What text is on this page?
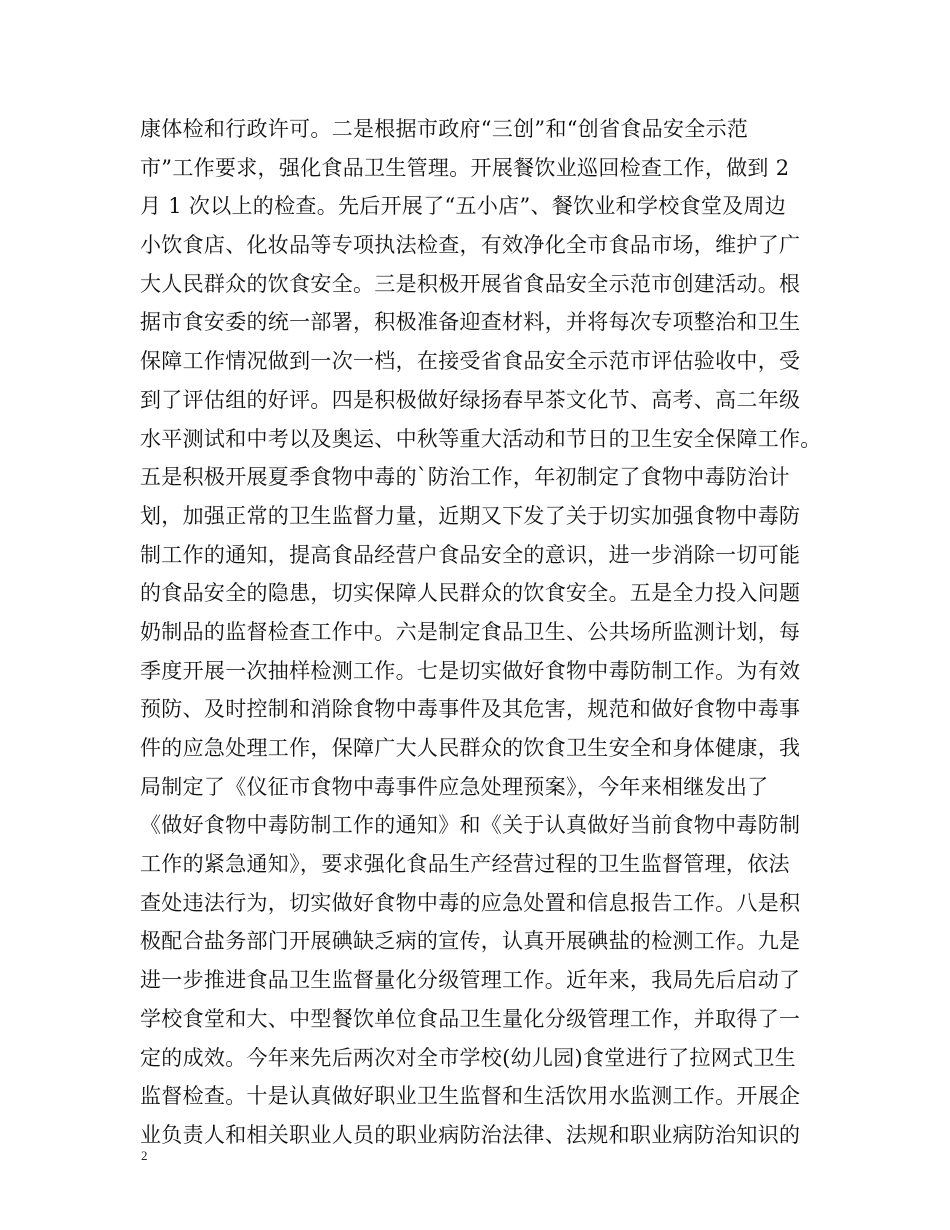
康体检和行政许可。二是根据市政府“三创”和“创省食品安全示范
市”工作要求，强化食品卫生管理。开展餐饮业巡回检查工作，做到 2
月 1 次以上的检查。先后开展了“五小店”、餐饮业和学校食堂及周边
小饮食店、化妆品等专项执法检查，有效净化全市食品市场，维护了广
大人民群众的饮食安全。三是积极开展省食品安全示范市创建活动。根
据市食安委的统一部署，积极准备迎查材料，并将每次专项整治和卫生
保障工作情况做到一次一档，在接受省食品安全示范市评估验收中，受
到了评估组的好评。四是积极做好绿扬春早茶文化节、高考、高二年级
水平测试和中考以及奥运、中秋等重大活动和节日的卫生安全保障工作。
五是积极开展夏季食物中毒的`防治工作，年初制定了食物中毒防治计
划，加强正常的卫生监督力量，近期又下发了关于切实加强食物中毒防
制工作的通知，提高食品经营户食品安全的意识，进一步消除一切可能
的食品安全的隐患，切实保障人民群众的饮食安全。五是全力投入问题
奶制品的监督检查工作中。六是制定食品卫生、公共场所监测计划，每
季度开展一次抽样检测工作。七是切实做好食物中毒防制工作。为有效
预防、及时控制和消除食物中毒事件及其危害，规范和做好食物中毒事
件的应急处理工作，保障广大人民群众的饮食卫生安全和身体健康，我
局制定了《仪征市食物中毒事件应急处理预案》，今年来相继发出了
《做好食物中毒防制工作的通知》和《关于认真做好当前食物中毒防制
工作的紧急通知》，要求强化食品生产经营过程的卫生监督管理，依法
查处违法行为，切实做好食物中毒的应急处置和信息报告工作。八是积
极配合盐务部门开展碘缺乏病的宣传，认真开展碘盐的检测工作。九是
进一步推进食品卫生监督量化分级管理工作。近年来，我局先后启动了
学校食堂和大、中型餐饮单位食品卫生量化分级管理工作，并取得了一
定的成效。今年来先后两次对全市学校(幼儿园)食堂进行了拉网式卫生
监督检查。十是认真做好职业卫生监督和生活饮用水监测工作。开展企
业负责人和相关职业人员的职业病防治法律、法规和职业病防治知识的
2
